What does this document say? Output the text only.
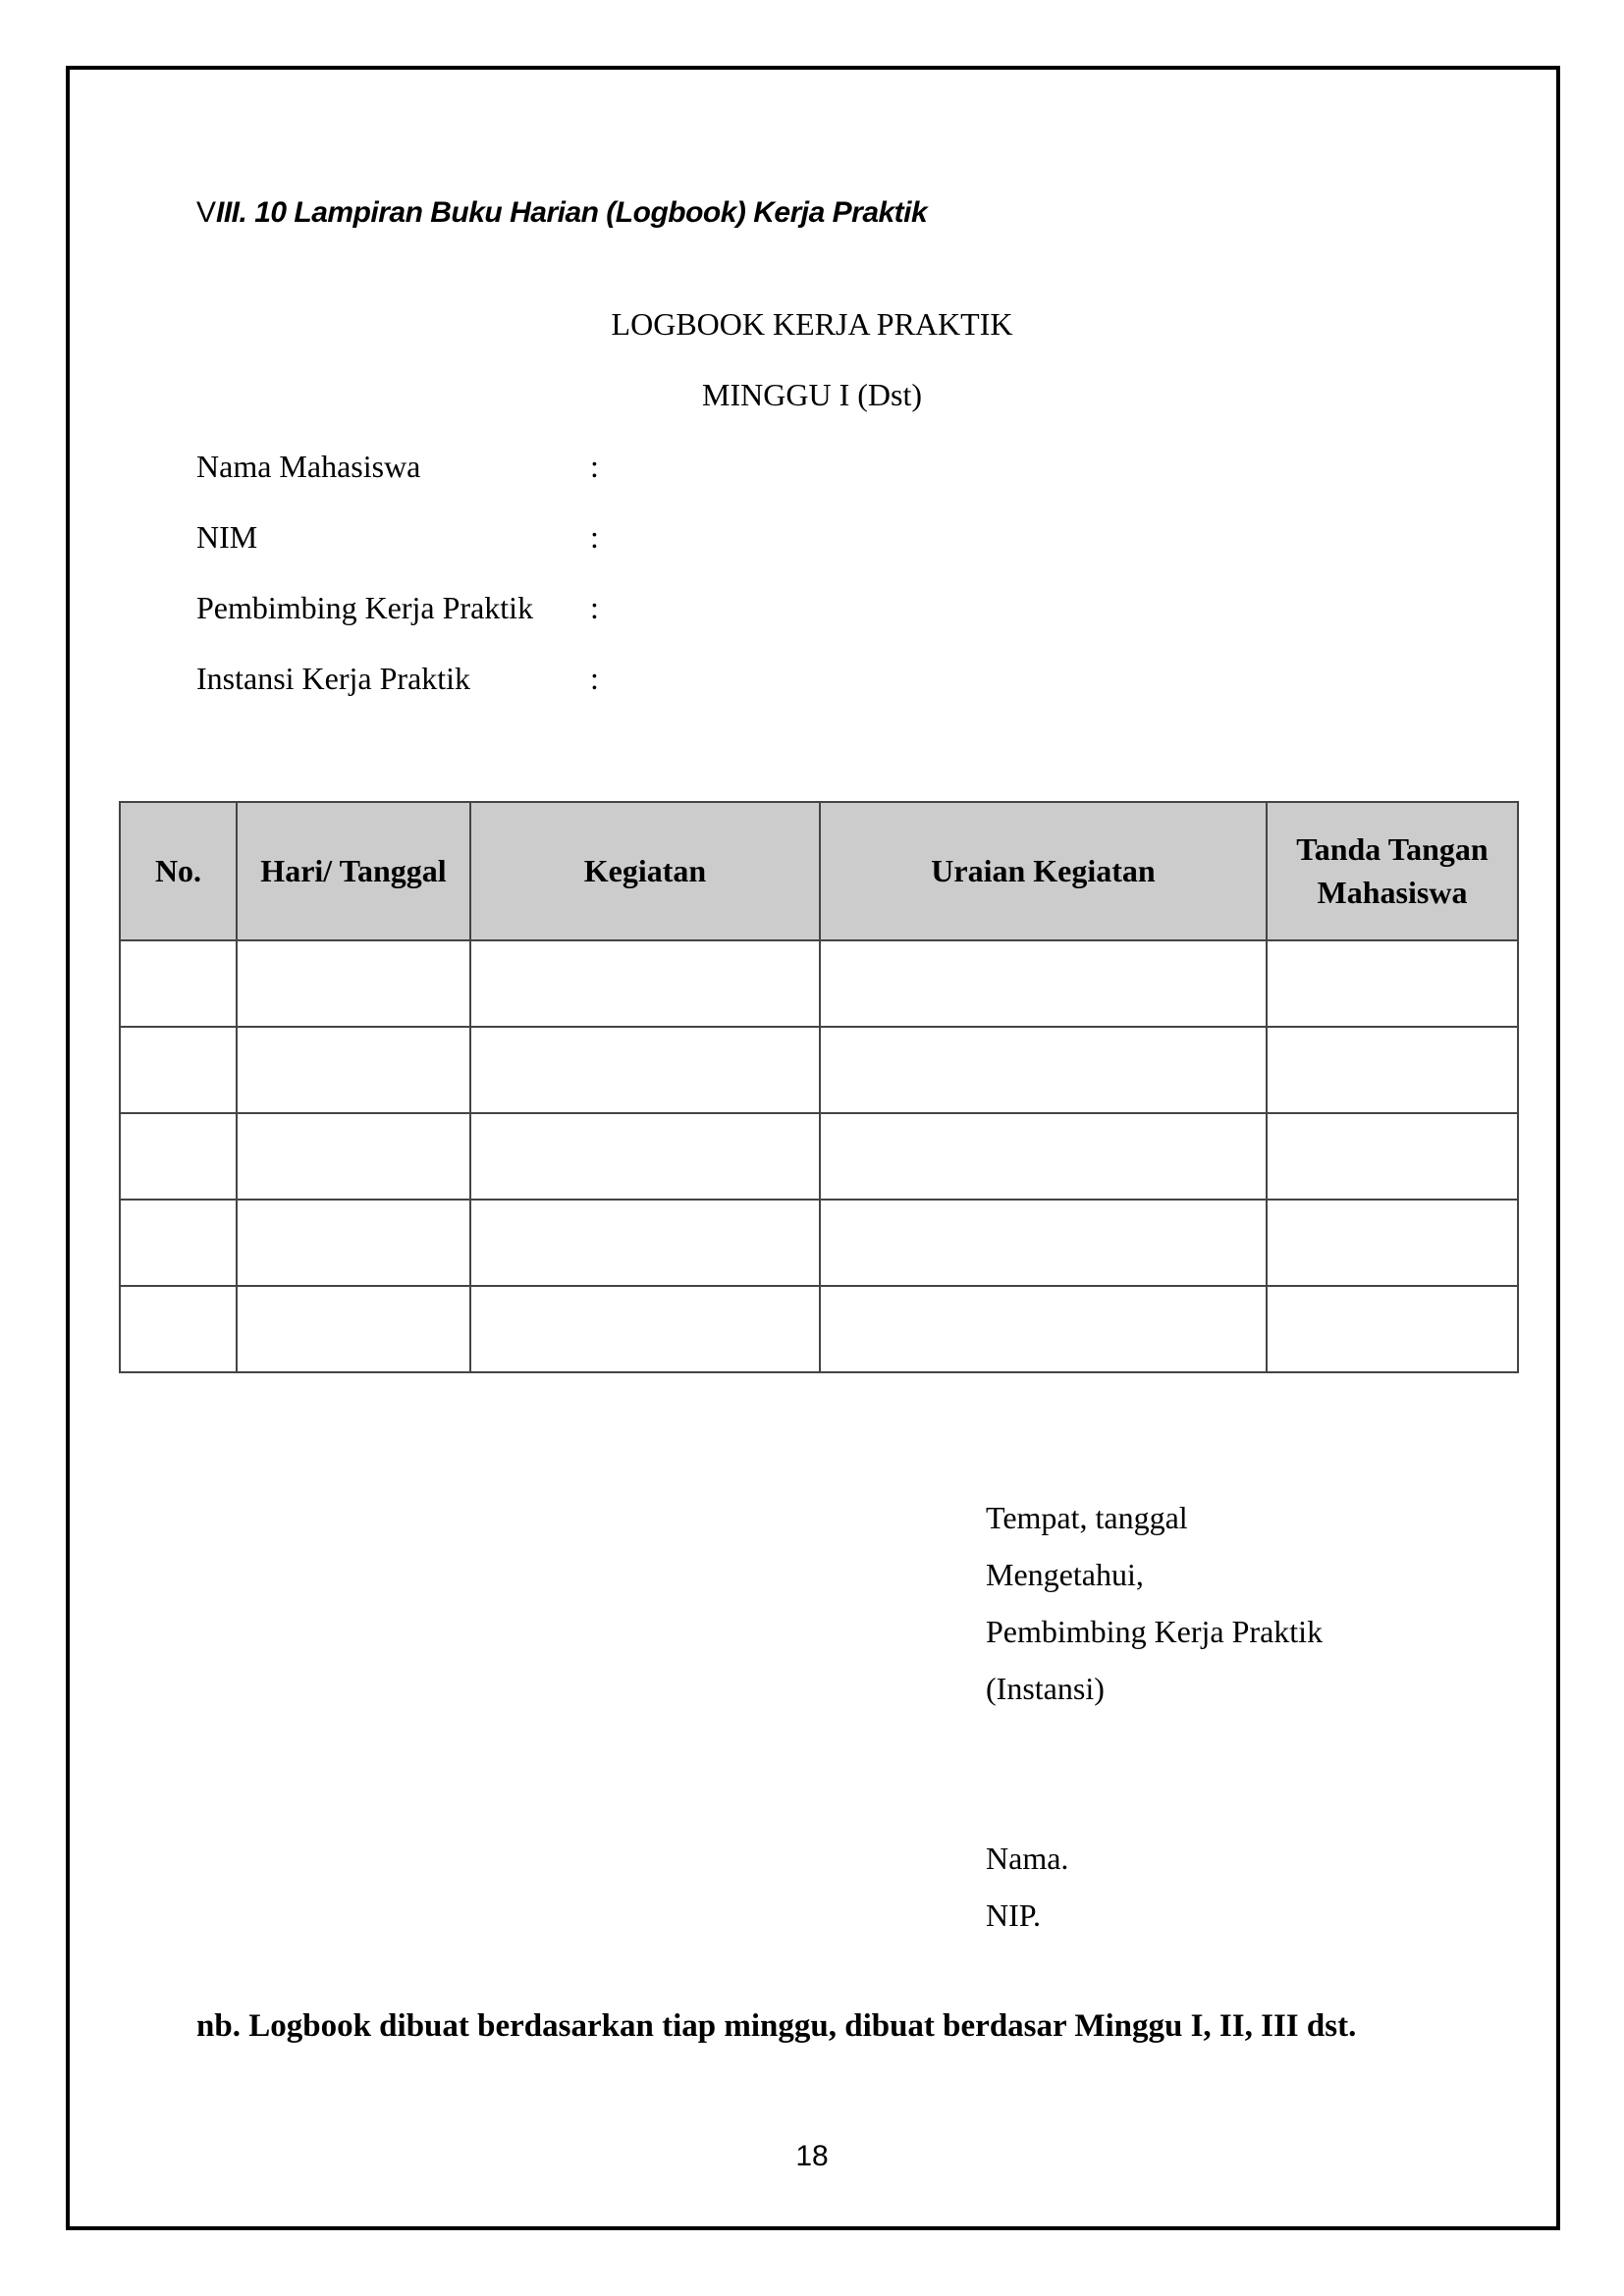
VIII. 10 Lampiran Buku Harian (Logbook) Kerja Praktik
LOGBOOK KERJA PRAKTIK
MINGGU I (Dst)
Nama Mahasiswa	:
NIM	:
Pembimbing Kerja Praktik :
Instansi Kerja Praktik	:
No.	Hari/ Tanggal	Kegiatan	Uraian Kegiatan	Tanda Tangan
Mahasiswa

Tempat, tanggal
Mengetahui,
Pembimbing Kerja Praktik
(Instansi)
Nama.
NIP.
nb. Logbook dibuat berdasarkan tiap minggu, dibuat berdasar Minggu I, II, III dst.
18
